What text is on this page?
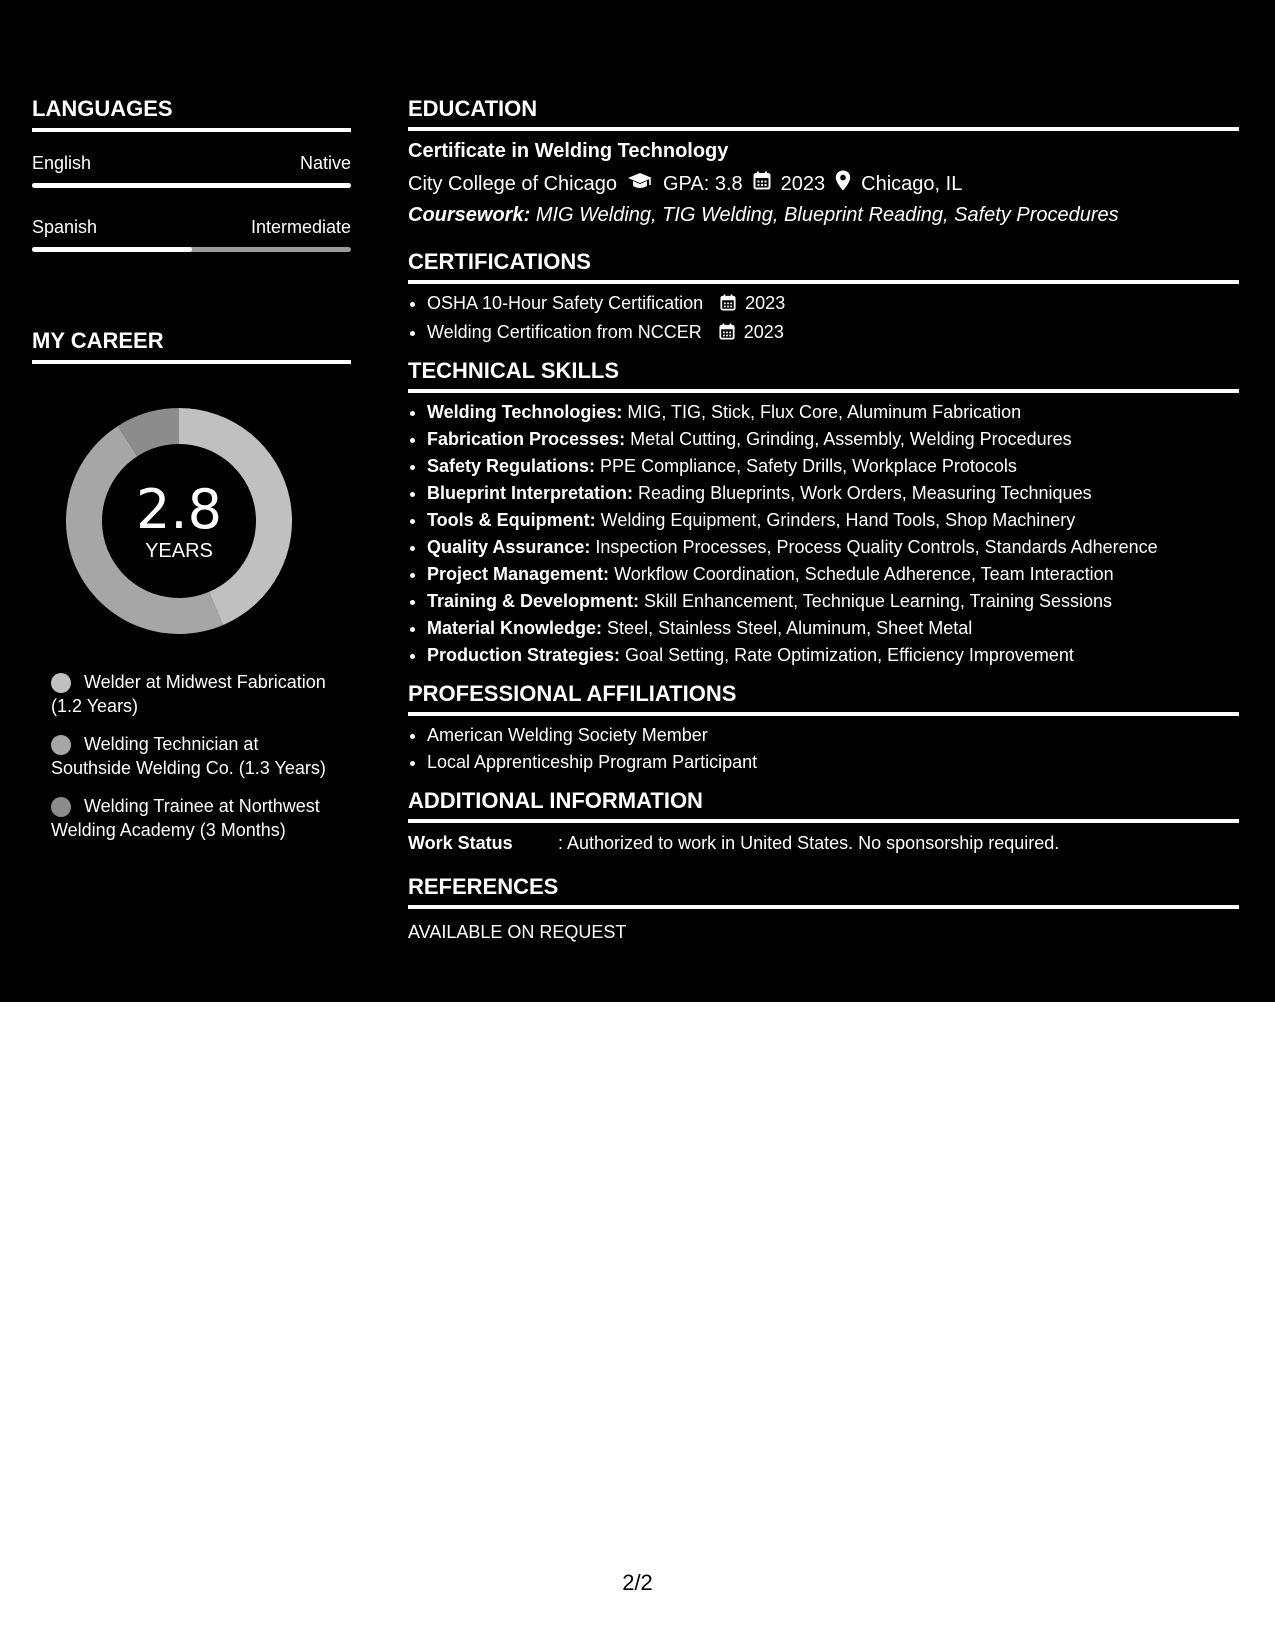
LANGUAGES
English	Native
Spanish	Intermediate
MY CAREER
2.8
YEARS
Welder at Midwest Fabrication (1.2 Years)
Welding Technician at Southside Welding Co. (1.3 Years)
Welding Trainee at Northwest Welding Academy (3 Months)
EDUCATION
Certificate in Welding Technology
City College of Chicago GPA: 3.8 2023 Chicago, IL
Coursework: MIG Welding, TIG Welding, Blueprint Reading, Safety Procedures
CERTIFICATIONS
• OSHA 10-Hour Safety Certification 2023
• Welding Certification from NCCER 2023
TECHNICAL SKILLS
• Welding Technologies: MIG, TIG, Stick, Flux Core, Aluminum Fabrication
• Fabrication Processes: Metal Cutting, Grinding, Assembly, Welding Procedures
• Safety Regulations: PPE Compliance, Safety Drills, Workplace Protocols
• Blueprint Interpretation: Reading Blueprints, Work Orders, Measuring Techniques
• Tools & Equipment: Welding Equipment, Grinders, Hand Tools, Shop Machinery
• Quality Assurance: Inspection Processes, Process Quality Controls, Standards Adherence
• Project Management: Workflow Coordination, Schedule Adherence, Team Interaction
• Training & Development: Skill Enhancement, Technique Learning, Training Sessions
• Material Knowledge: Steel, Stainless Steel, Aluminum, Sheet Metal
• Production Strategies: Goal Setting, Rate Optimization, Efficiency Improvement
PROFESSIONAL AFFILIATIONS
• American Welding Society Member
• Local Apprenticeship Program Participant
ADDITIONAL INFORMATION
Work Status	: Authorized to work in United States. No sponsorship required.
REFERENCES
AVAILABLE ON REQUEST
2/2
